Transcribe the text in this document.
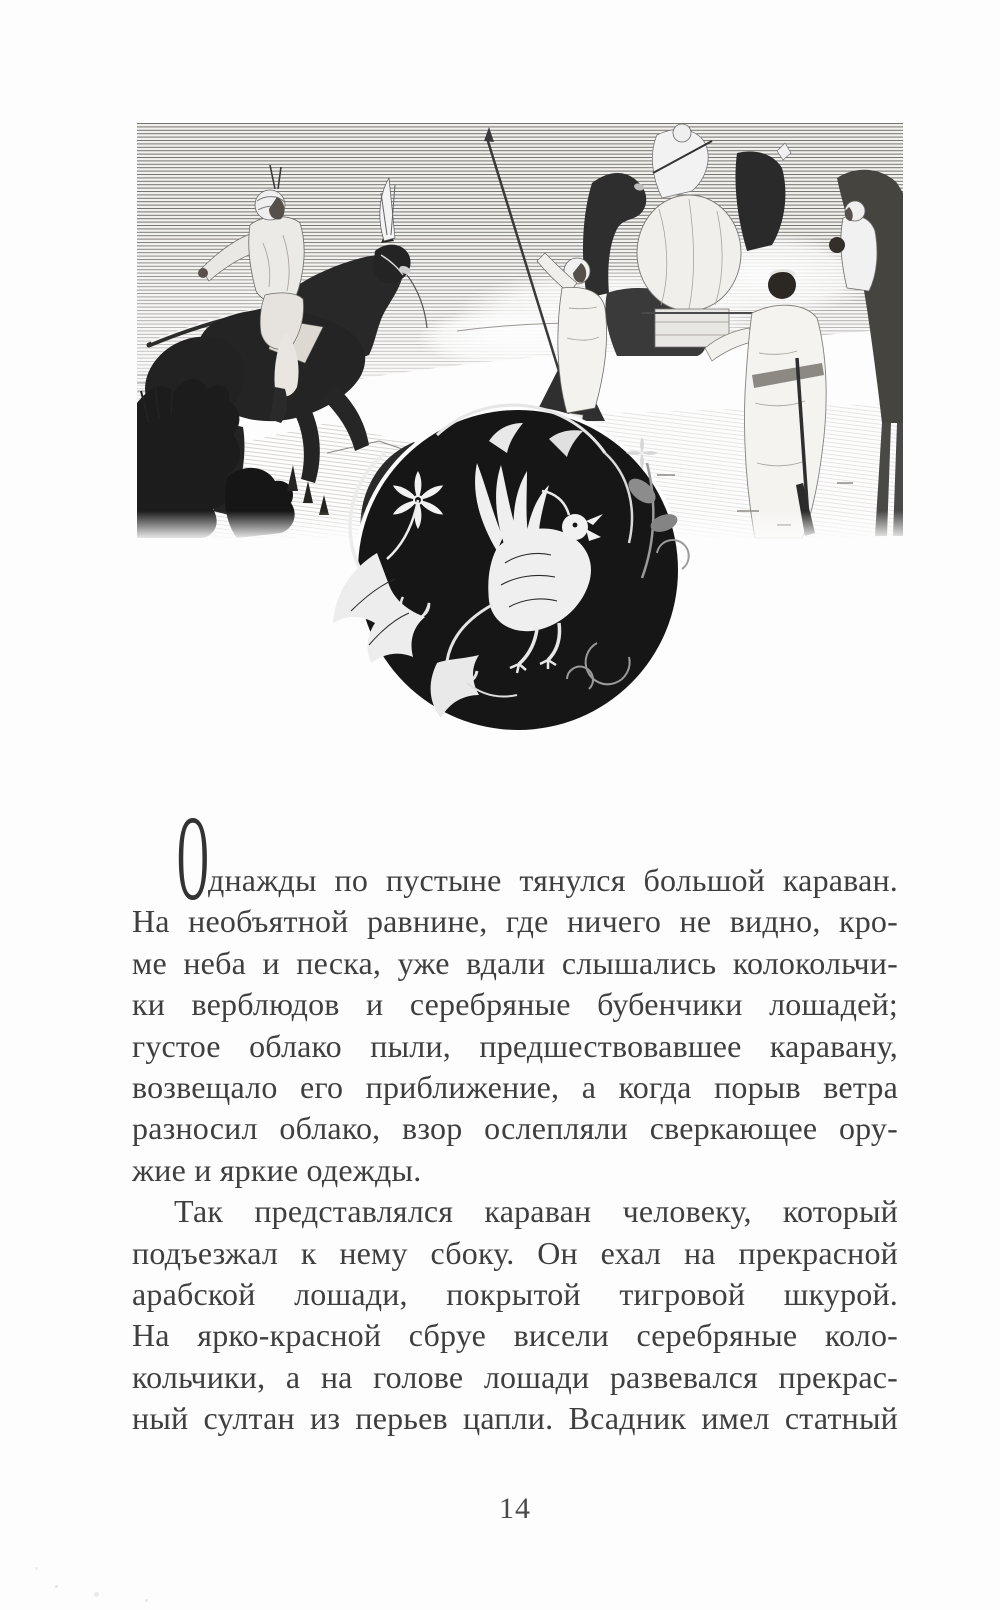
О днажды по пустыне тянулся большой караван.
На необъятной равнине, где ничего не видно, кро-
ме неба и песка, уже вдали слышались колокольчи-
ки верблюдов и серебряные бубенчики лошадей;
густое облако пыли, предшествовавшее каравану,
возвещало его приближение, а когда порыв ветра
разносил облако, взор ослепляли сверкающее ору-
жие и яркие одежды.
Так представлялся караван человеку, который
подъезжал к нему сбоку. Он ехал на прекрасной
арабской лошади, покрытой тигровой шкурой.
На ярко-красной сбруе висели серебряные коло-
кольчики, а на голове лошади развевался прекрас-
ный султан из перьев цапли. Всадник имел статный
14
